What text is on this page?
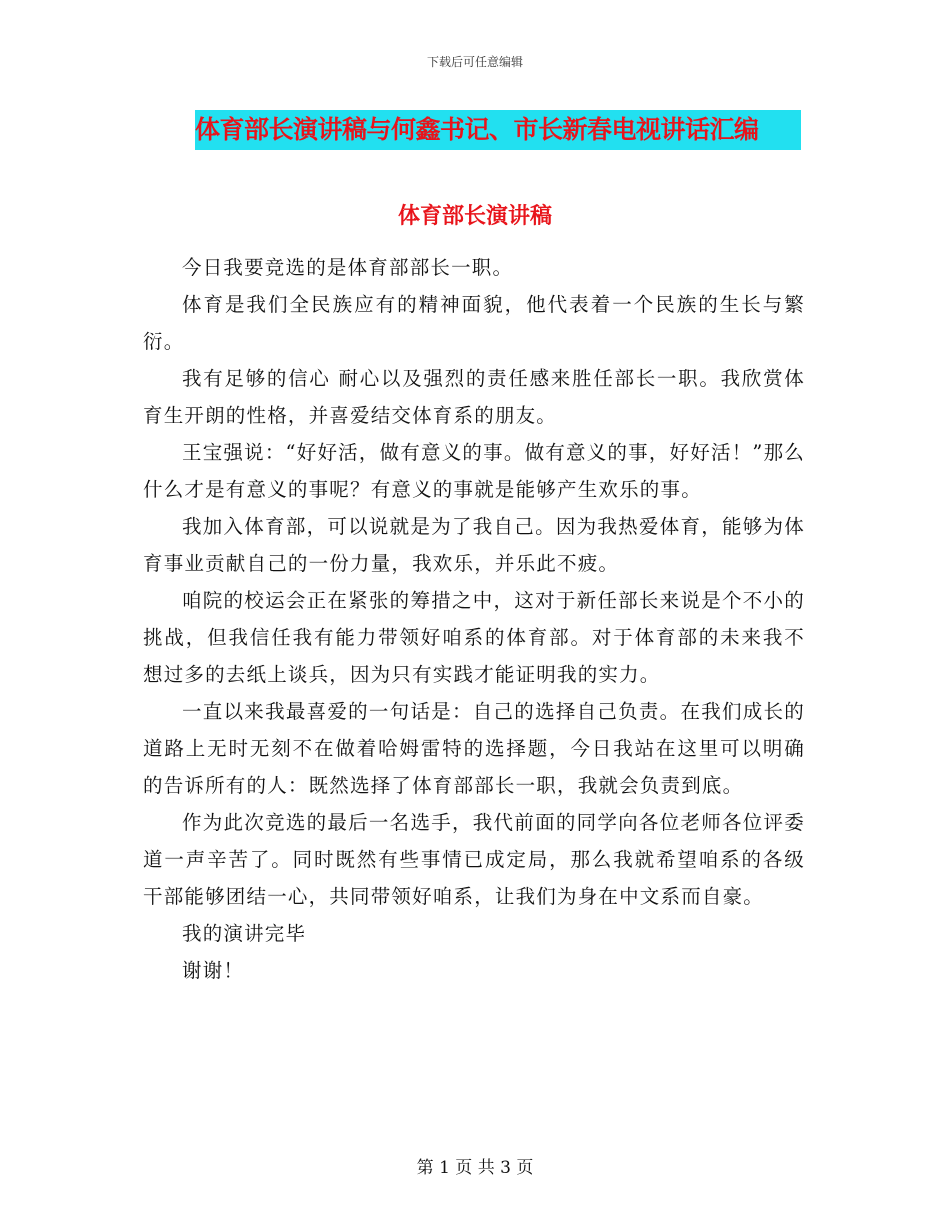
下载后可任意编辑
体育部长演讲稿与何鑫书记、市长新春电视讲话汇编
体育部长演讲稿

今日我要竞选的是体育部部长一职。

体育是我们全民族应有的精神面貌，他代表着一个民族的生长与繁衍。

我有足够的信心 耐心以及强烈的责任感来胜任部长一职。我欣赏体育生开朗的性格，并喜爱结交体育系的朋友。

王宝强说：“好好活，做有意义的事。做有意义的事，好好活！”那么什么才是有意义的事呢？有意义的事就是能够产生欢乐的事。

我加入体育部，可以说就是为了我自己。因为我热爱体育，能够为体育事业贡献自己的一份力量，我欢乐，并乐此不疲。

咱院的校运会正在紧张的筹措之中，这对于新任部长来说是个不小的挑战，但我信任我有能力带领好咱系的体育部。对于体育部的未来我不想过多的去纸上谈兵，因为只有实践才能证明我的实力。

一直以来我最喜爱的一句话是：自己的选择自己负责。在我们成长的道路上无时无刻不在做着哈姆雷特的选择题，今日我站在这里可以明确的告诉所有的人：既然选择了体育部部长一职，我就会负责到底。

作为此次竞选的最后一名选手，我代前面的同学向各位老师各位评委道一声辛苦了。同时既然有些事情已成定局，那么我就希望咱系的各级干部能够团结一心，共同带领好咱系，让我们为身在中文系而自豪。

我的演讲完毕

谢谢！

第 1 页 共 3 页
